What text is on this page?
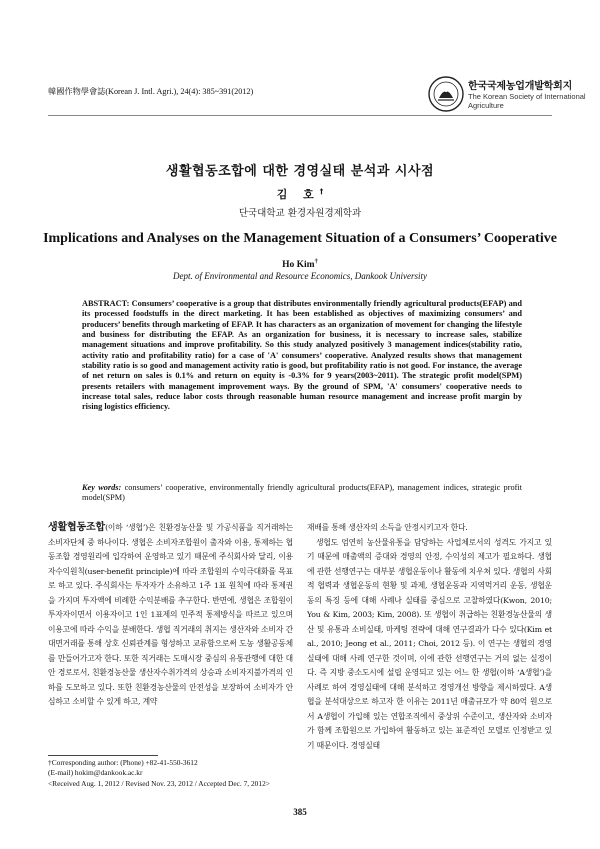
韓國作物學會誌(Korean J. Intl. Agri.), 24(4): 385~391(2012)	한국국제농업개발학회지
The Korean Society of International
Agriculture
생활협동조합에 대한 경영실태 분석과 시사점
김 호†
단국대학교 환경자원경제학과
Implications and Analyses on the Management Situation of a Consumers’ Cooperative
Ho Kim†
Dept. of Environmental and Resource Economics, Dankook University
ABSTRACT: Consumers’ cooperative is a group that distributes environmentally friendly agricultural products(EFAP) and its processed foodstuffs in the direct marketing. It has been established as objectives of maximizing consumers’ and producers’ benefits through marketing of EFAP. It has characters as an organization of movement for changing the lifestyle and business for distributing the EFAP. As an organization for business, it is necessary to increase sales, stabilize management situations and improve profitability. So this study analyzed positively 3 management indices(stability ratio, activity ratio and profitability ratio) for a case of 'A' consumers’ cooperative. Analyzed results shows that management stability ratio is so good and management activity ratio is good, but profitability ratio is not good. For instance, the average of net return on sales is 0.1% and return on equity is -0.3% for 9 years(2003~2011). The strategic profit model(SPM) presents retailers with management improvement ways. By the ground of SPM, 'A' consumers' cooperative needs to increase total sales, reduce labor costs through reasonable human resource management and increase profit margin by rising logistics efficiency.
Key words: consumers’ cooperative, environmentally friendly agricultural products(EFAP), management indices, strategic profit model(SPM)
생활협동조합(이하 ‘생협’)은 친환경농산물 및 가공식품을 직거래하는 소비자단체 중 하나이다. 생협은 소비자조합원이 출자와 이용, 통제하는 협동조합 경영원리에 입각하여 운영하고 있기 때문에 주식회사와 달리, 이용자수익원칙(user-benefit principle)에 따라 조합원의 수익극대화를 목표로 하고 있다. 주식회사는 투자자가 소유하고 1주 1표 원칙에 따라 통제권을 가지며 투자액에 비례한 수익분배를 추구한다. 반면에, 생협은 조합원이 투자자이면서 이용자이고 1인 1표제의 민주적 통제방식을 따르고 있으며 이용고에 따라 수익을 분배한다. 생협 직거래의 취지는 생산자와 소비자 간 대면거래를 통해 상호 신뢰관계를 형성하고 교류함으로써 도농 생활공동체를 만들어가고자 한다. 또한 직거래는 도매시장 중심의 유통관행에 대한 대안 경로로서, 친환경농산물 생산자수취가격의 상승과 소비자지불가격의 인하를 도모하고 있다. 또한 친환경농산물의 안전성을 보장하여 소비자가 안심하고 소비할 수 있게 하고, 계약
재배를 통해 생산자의 소득을 안정시키고자 한다.
생협도 엄연히 농산물유통을 담당하는 사업체로서의 성격도 가지고 있기 때문에 매출액의 증대와 경영의 안정, 수익성의 제고가 필요하다. 생협에 관한 선행연구는 대부분 생협운동이나 활동에 치우쳐 있다. 생협의 사회적 협력과 생협운동의 현황 및 과제, 생협운동과 지역먹거리 운동, 생협운동의 특징 등에 대해 사례나 실태를 중심으로 고찰하였다(Kwon, 2010; You & Kim, 2003; Kim, 2008). 또 생협이 취급하는 친환경농산물의 생산 및 유통과 소비실태, 마케팅 전략에 대해 연구결과가 다수 있다(Kim et al., 2010; Jeong et al., 2011; Choi, 2012 등). 이 연구는 생협의 경영실태에 대해 사례 연구한 것이며, 이에 관한 선행연구는 거의 없는 실정이다. 즉 지방 중소도시에 설립 운영되고 있는 어느 한 생협(이하 ‘A생협’)을 사례로 하여 경영실태에 대해 분석하고 경영개선 방향을 제시하였다. A생협을 분석대상으로 하고자 한 이유는 2011년 매출규모가 약 80억 원으로서 A생협이 가입해 있는 연합조직에서 중상위 수준이고, 생산자와 소비자가 함께 조합원으로 가입하여 활동하고 있는 표준적인 모델로 인정받고 있기 때문이다. 경영실태
†Corresponding author: (Phone) +82-41-550-3612
(E-mail) hokim@dankook.ac.kr
<Received Aug. 1, 2012 / Revised Nov. 23, 2012 / Accepted Dec. 7, 2012>
385
